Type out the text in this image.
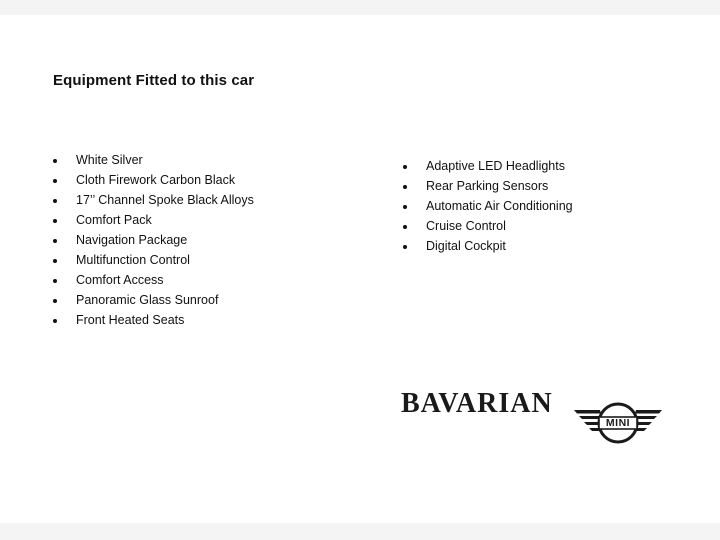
Equipment Fitted to this car
White Silver
Cloth Firework Carbon Black
17’’ Channel Spoke Black Alloys
Comfort Pack
Navigation Package
Multifunction Control
Comfort Access
Panoramic Glass Sunroof
Front Heated Seats
Adaptive LED Headlights
Rear Parking Sensors
Automatic Air Conditioning
Cruise Control
Digital Cockpit
BAVARIAN
MINI
